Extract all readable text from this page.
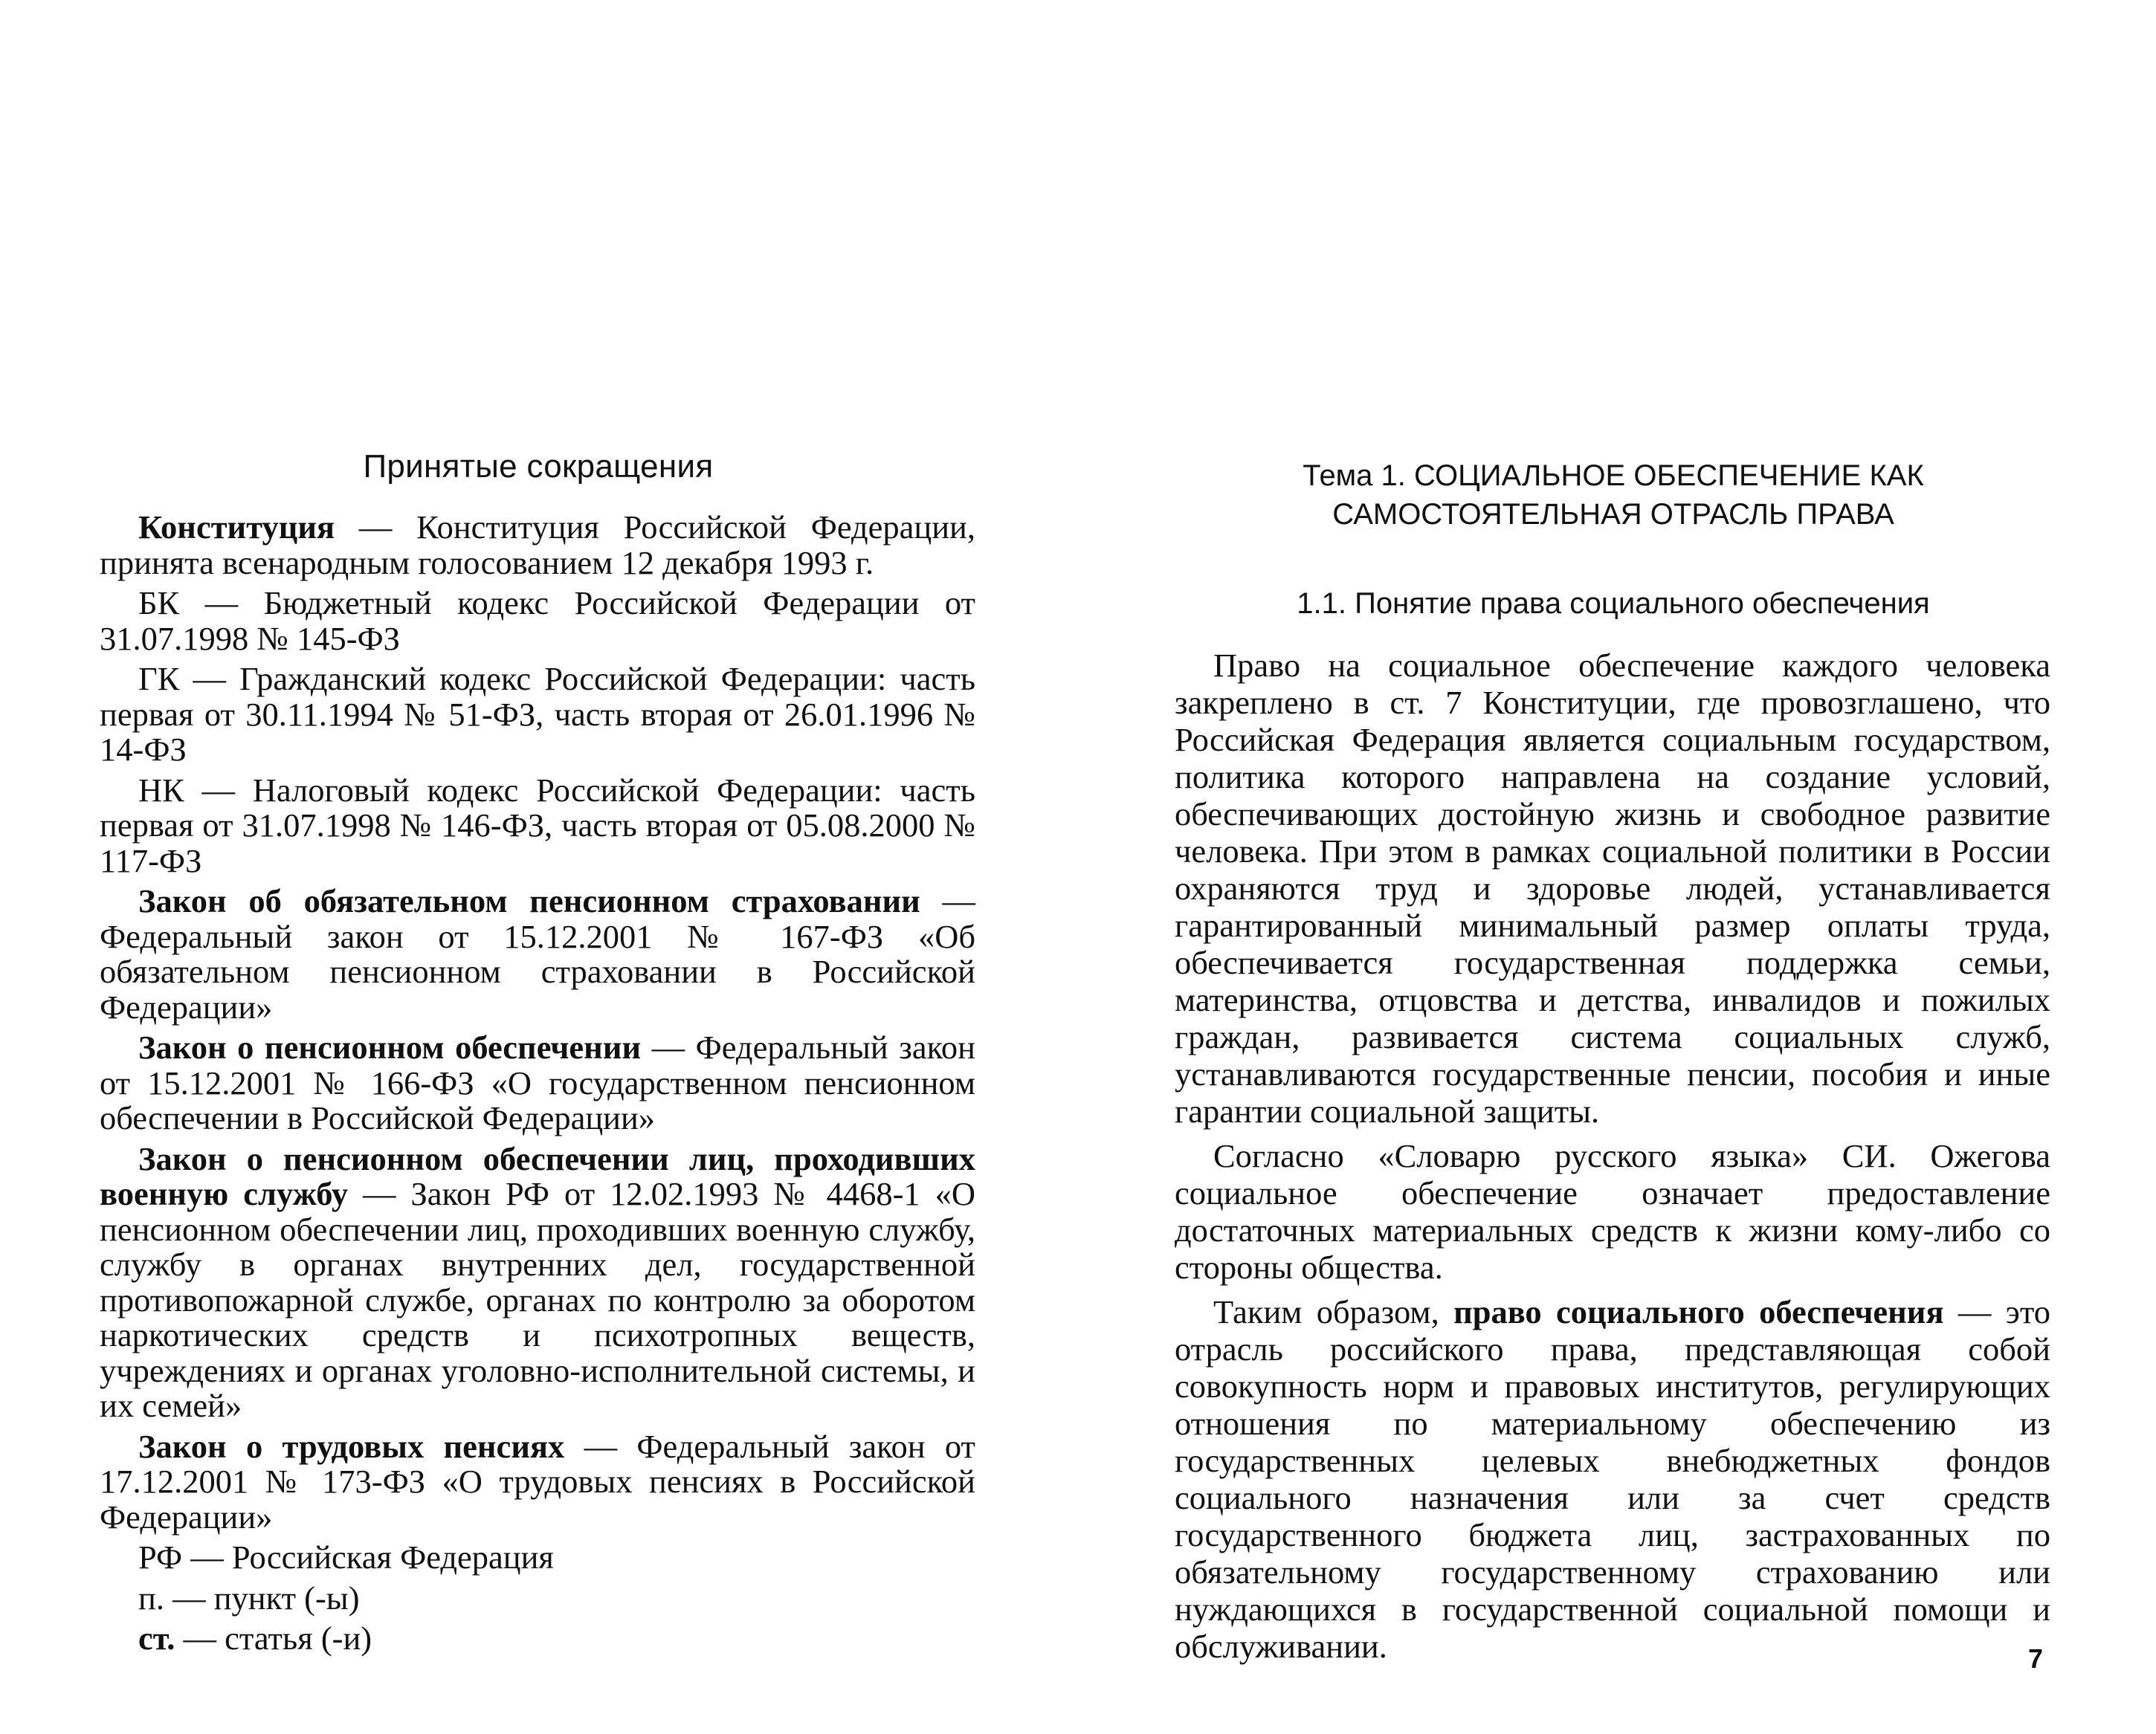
Принятые сокращения
Конституция — Конституция Российской Федерации, принята всенародным голосованием 12 декабря 1993 г.
БК — Бюджетный кодекс Российской Федерации от 31.07.1998 № 145-ФЗ
ГК — Гражданский кодекс Российской Федерации: часть первая от 30.11.1994 № 51-ФЗ, часть вторая от 26.01.1996 № 14-ФЗ
НК — Налоговый кодекс Российской Федерации: часть первая от 31.07.1998 № 146-ФЗ, часть вторая от 05.08.2000 № 117-ФЗ
Закон об обязательном пенсионном страховании — Федеральный закон от 15.12.2001 № 167-ФЗ «Об обязательном пенсионном страховании в Российской Федерации»
Закон о пенсионном обеспечении — Федеральный закон от 15.12.2001 № 166-ФЗ «О государственном пенсионном обеспечении в Российской Федерации»
Закон о пенсионном обеспечении лиц, проходивших военную службу — Закон РФ от 12.02.1993 № 4468-1 «О пенсионном обеспечении лиц, проходивших военную службу, службу в органах внутренних дел, государственной противопожарной службе, органах по контролю за оборотом наркотических средств и психотропных веществ, учреждениях и органах уголовно-исполнительной системы, и их семей»
Закон о трудовых пенсиях — Федеральный закон от 17.12.2001 № 173-ФЗ «О трудовых пенсиях в Российской Федерации»
РФ — Российская Федерация
п. — пункт (-ы)
ст. — статья (-и)
Тема 1. СОЦИАЛЬНОЕ ОБЕСПЕЧЕНИЕ КАК
САМОСТОЯТЕЛЬНАЯ ОТРАСЛЬ ПРАВА
1.1. Понятие права социального обеспечения

Право на социальное обеспечение каждого человека закреплено в ст. 7 Конституции, где провозглашено, что Российская Федерация является социальным государством, политика которого направлена на создание условий, обеспечивающих достойную жизнь и свободное развитие человека. При этом в рамках социальной политики в России охраняются труд и здоровье людей, устанавливается гарантированный минимальный размер оплаты труда, обеспечивается государственная поддержка семьи, материнства, отцовства и детства, инвалидов и пожилых граждан, развивается система социальных служб, устанавливаются государственные пенсии, пособия и иные гарантии социальной защиты.

Согласно «Словарю русского языка» СИ. Ожегова социальное обеспечение означает предоставление достаточных материальных средств к жизни кому-либо со стороны общества.

Таким образом, право социального обеспечения — это отрасль российского права, представляющая собой совокупность норм и правовых институтов, регулирующих отношения по материальному обеспечению из государственных целевых внебюджетных фондов социального назначения или за счет средств государственного бюджета лиц, застрахованных по обязательному государственному страхованию или нуждающихся в государственной социальной помощи и обслуживании.	7
